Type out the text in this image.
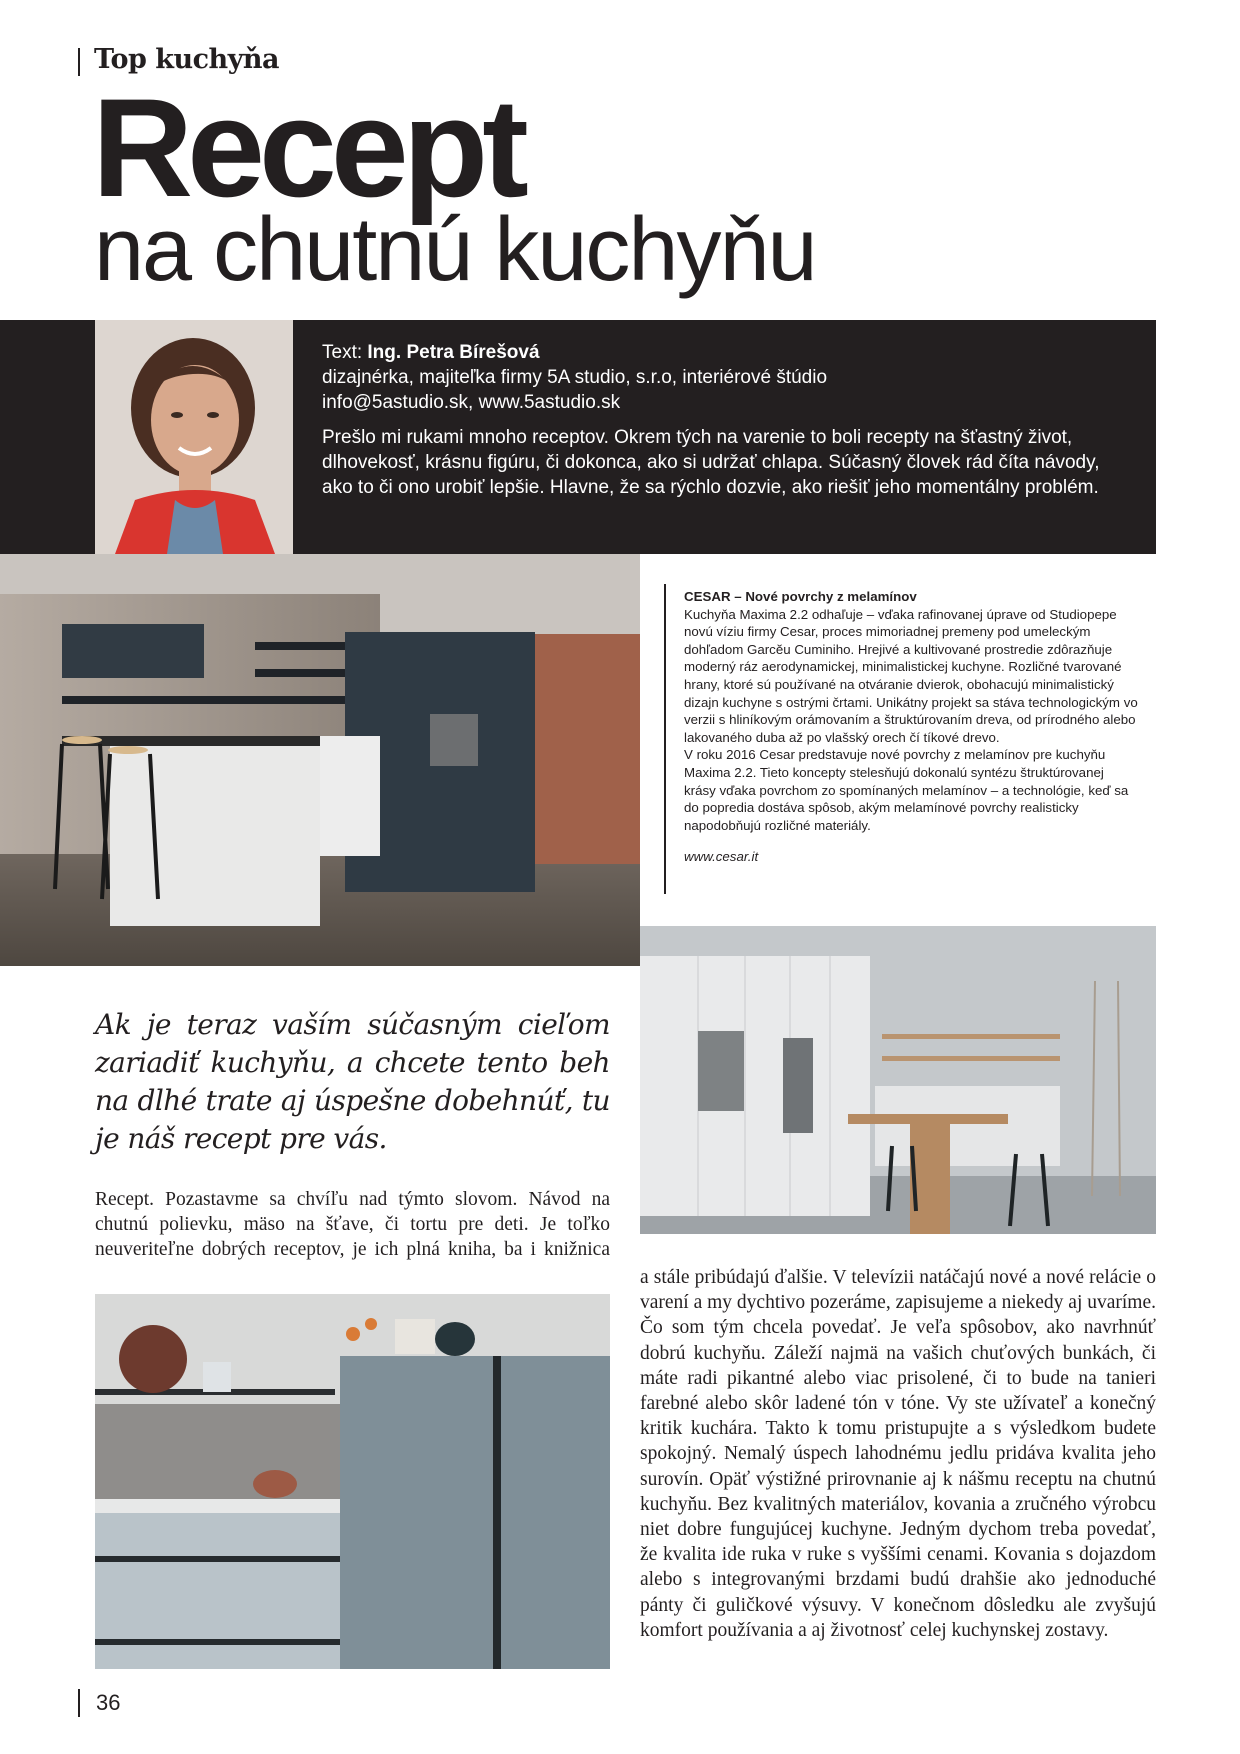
Top kuchyňa
Recept
na chutnú kuchyňu

Text: Ing. Petra Bírešová

dizajnérka, majiteľka firmy 5A studio, s.r.o, interiérové štúdio

info@5astudio.sk, www.5astudio.sk

Prešlo mi rukami mnoho receptov. Okrem tých na varenie to boli recepty na šťastný život, dlhovekosť, krásnu figúru, či dokonca, ako si udržať chlapa. Súčasný človek rád číta návody, ako to či ono urobiť lepšie. Hlavne, že sa rýchlo dozvie, ako riešiť jeho momentálny problém.

CESAR – Nové povrchy z melamínov

Kuchyňa Maxima 2.2 odhaľuje – vďaka rafinovanej úprave od Studiopepe novú víziu firmy Cesar, proces mimoriadnej premeny pod umeleckým dohľadom Garcĕu Cuminiho. Hrejivé a kultivované prostredie zdôrazňuje moderný ráz aerodynamickej, minimalistickej kuchyne. Rozličné tvarované hrany, ktoré sú používané na otváranie dvierok, obohacujú minimalistický dizajn kuchyne s ostrými črtami. Unikátny projekt sa stáva technologickým vo verzii s hliníkovým orámovaním a štruktúrovaním dreva, od prírodného alebo lakovaného duba až po vlašský orech čí tíkové drevo.

V roku 2016 Cesar predstavuje nové povrchy z melamínov pre kuchyňu Maxima 2.2. Tieto koncepty stelesňujú dokonalú syntézu štruktúrovanej krásy vďaka povrchom zo spomínaných melamínov – a technológie, keď sa do popredia dostáva spôsob, akým melamínové povrchy realisticky napodobňujú rozličné materiály.

www.cesar.it

Ak je teraz vaším súčasným cieľom zariadiť kuchyňu, a chcete tento beh na dlhé trate aj úspešne dobehnúť, tu je náš recept pre vás.

Recept. Pozastavme sa chvíľu nad týmto slovom. Návod na chutnú polievku, mäso na šťave, či tortu pre deti. Je toľko neuveriteľne dobrých receptov, je ich plná kniha, ba i knižnica

a stále pribúdajú ďalšie. V televízii natáčajú nové a nové relácie o varení a my dychtivo pozeráme, zapisujeme a niekedy aj uvaríme. Čo som tým chcela povedať. Je veľa spôsobov, ako navrhnúť dobrú kuchyňu. Záleží najmä na vašich chuťových bunkách, či máte radi pikantné alebo viac prisolené, či to bude na tanieri farebné alebo skôr ladené tón v tóne. Vy ste užívateľ a konečný kritik kuchára. Takto k tomu pristupujte a s výsledkom budete spokojný. Nemalý úspech lahodnému jedlu pridáva kvalita jeho surovín. Opäť výstižné prirovnanie aj k nášmu receptu na chutnú kuchyňu. Bez kvalitných materiálov, kovania a zručného výrobcu niet dobre fungujúcej kuchyne. Jedným dychom treba povedať, že kvalita ide ruka v ruke s vyššími cenami. Kovania s dojazdom alebo s integrovanými brzdami budú drahšie ako jednoduché pánty či guličkové výsuvy. V konečnom dôsledku ale zvyšujú komfort používania a aj životnosť celej kuchynskej zostavy.

36
